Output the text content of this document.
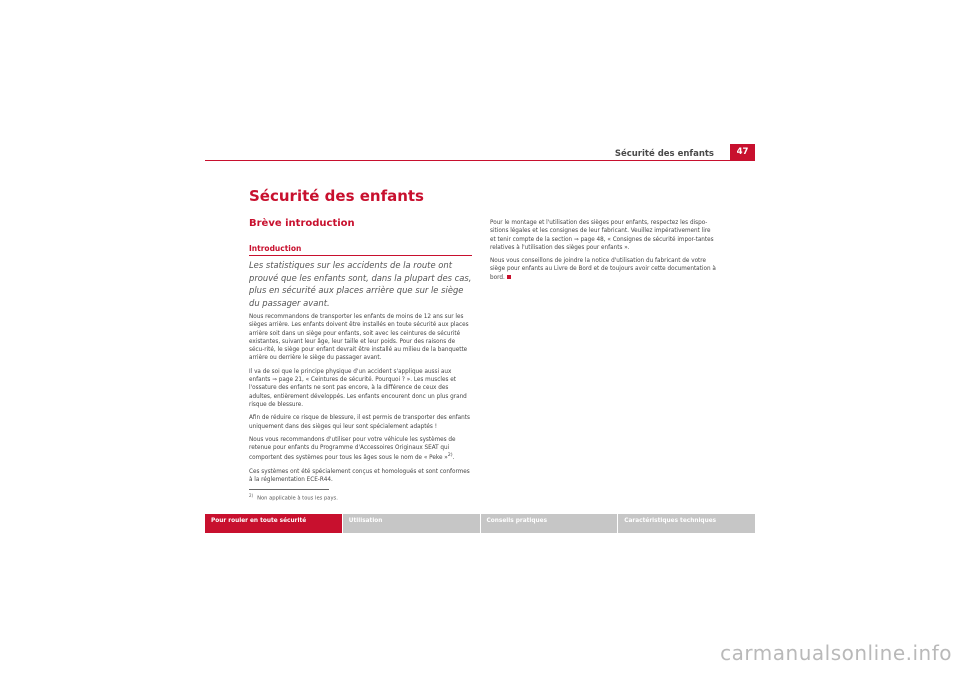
Sécurité des enfants	47
Sécurité des enfants
Brève introduction
Introduction

Les statistiques sur les accidents de la route ont prouvé que les enfants sont, dans la plupart des cas, plus en sécurité aux places arrière que sur le siège du passager avant.

Nous recommandons de transporter les enfants de moins de 12 ans sur les sièges arrière. Les enfants doivent être installés en toute sécurité aux places arrière soit dans un siège pour enfants, soit avec les ceintures de sécurité existantes, suivant leur âge, leur taille et leur poids. Pour des raisons de sécu-rité, le siège pour enfant devrait être installé au milieu de la banquette arrière ou derrière le siège du passager avant.

Il va de soi que le principe physique d'un accident s'applique aussi aux enfants ⇒ page 21, « Ceintures de sécurité. Pourquoi ? ». Les muscles et l'ossature des enfants ne sont pas encore, à la différence de ceux des adultes, entièrement développés. Les enfants encourent donc un plus grand risque de blessure.

Afin de réduire ce risque de blessure, il est permis de transporter des enfants uniquement dans des sièges qui leur sont spécialement adaptés !

Nous vous recommandons d'utiliser pour votre véhicule les systèmes de retenue pour enfants du Programme d'Accessoires Originaux SEAT qui comportent des systèmes pour tous les âges sous le nom de « Peke »$^{2)}$.

Ces systèmes ont été spécialement conçus et homologués et sont conformes à la réglementation ECE-R44.

Pour le montage et l'utilisation des sièges pour enfants, respectez les dispo-sitions légales et les consignes de leur fabricant. Veuillez impérativement lire et tenir compte de la section ⇒ page 48, « Consignes de sécurité impor-tantes relatives à l'utilisation des sièges pour enfants ».

Nous vous conseillons de joindre la notice d'utilisation du fabricant de votre siège pour enfants au Livre de Bord et de toujours avoir cette documentation à bord.

$^{2)}$Non applicable à tous les pays.
Pour rouler en toute sécurité	Utilisation	Conseils pratiques	Caractéristiques techniques
carmanualsonline.info
